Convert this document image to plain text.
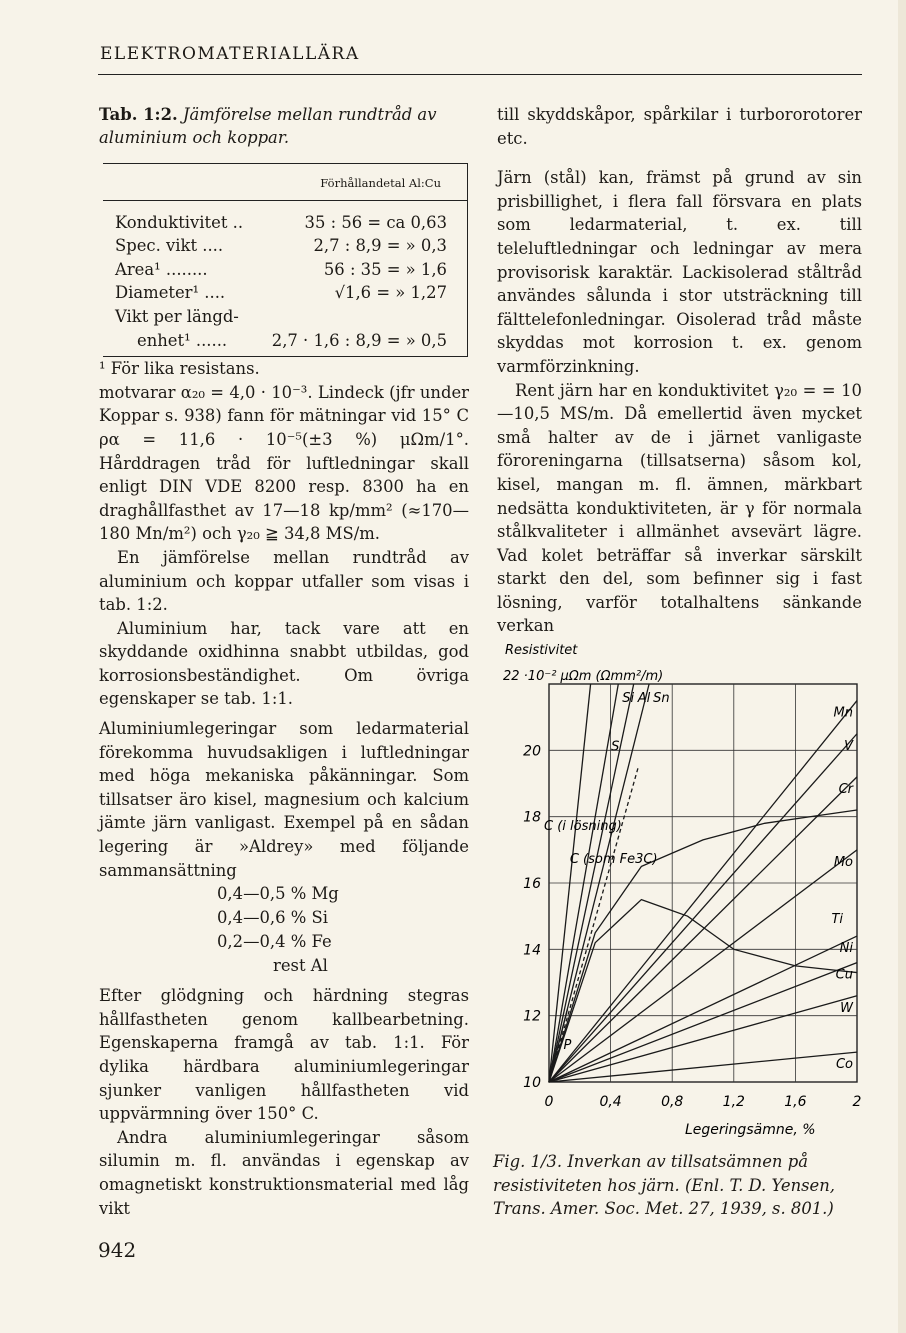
ELEKTROMATERIALLÄRA
Tab. 1:2. Jämförelse mellan rundtråd av aluminium och koppar.
Förhållandetal Al:Cu
Konduktivitet ..	35 : 56 = ca 0,63
Spec. vikt ....	2,7 : 8,9 = » 0,3
Area¹ ........	56 : 35 = » 1,6
Diameter¹ ....	√1,6 = » 1,27
Vikt per längd-	
enhet¹ ......	2,7 · 1,6 : 8,9 = » 0,5

¹ För lika resistans.

motvarar α₂₀ = 4,0 · 10⁻³. Lindeck (jfr under Koppar s. 938) fann för mätningar vid 15° C ρα = 11,6 · 10⁻⁵(±3 %) μΩm/1°. Hårddragen tråd för luftledningar skall enligt DIN VDE 8200 resp. 8300 ha en draghållfasthet av 17—18 kp/mm² (≈170—180 Mn/m²) och γ₂₀ ≧ 34,8 MS/m.

En jämförelse mellan rundtråd av aluminium och koppar utfaller som visas i tab. 1:2.

Aluminium har, tack vare att en skyddande oxidhinna snabbt utbildas, god korrosionsbeständighet. Om övriga egenskaper se tab. 1:1.

Aluminiumlegeringar som ledarmaterial förekomma huvudsakligen i luftledningar med höga mekaniska påkänningar. Som tillsatser äro kisel, magnesium och kalcium jämte järn vanligast. Exempel på en sådan legering är »Aldrey» med följande sammansättning

0,4—0,5 % Mg
0,4—0,6 % Si
0,2—0,4 % Fe
rest Al

Efter glödgning och härdning stegras hållfastheten genom kallbearbetning. Egenskaperna framgå av tab. 1:1. För dylika härdbara aluminiumlegeringar sjunker vanligen hållfastheten vid uppvärmning över 150° C.

Andra aluminiumlegeringar såsom silumin m. fl. användas i egenskap av omagnetiskt konstruktionsmaterial med låg vikt

till skyddskåpor, spårkilar i turbororotorer etc.

Järn (stål) kan, främst på grund av sin prisbillighet, i flera fall försvara en plats som ledarmaterial, t. ex. till teleluftledningar och ledningar av mera provisorisk karaktär. Lackisolerad ståltråd användes sålunda i stor utsträckning till fälttelefonledningar. Oisolerad tråd måste skyddas mot korrosion t. ex. genom varmförzinkning.

Rent järn har en konduktivitet γ₂₀ = = 10—10,5 MS/m. Då emellertid även mycket små halter av de i järnet vanligaste föroreningarna (tillsatserna) såsom kol, kisel, mangan m. fl. ämnen, märkbart nedsätta konduktiviteten, är γ för normala stålkvaliteter i allmänhet avsevärt lägre. Vad kolet beträffar så inverkar särskilt starkt den del, som befinner sig i fast lösning, varför totalhaltens sänkande verkan

Resistivitet
22 ·10⁻² μΩm (Ωmm²/m)
Si Al Sn
S
P
C (i lösning)
C (som Fe3C)
Mn
V
Cr
Mo
Ti
Ni
Cu
W
Co
10
12
14
16
18
20
0	0,4	0,8	1,2	1,6	2
Legeringsämne, %
Fig. 1/3. Inverkan av tillsatsämnen på resistiviteten hos järn. (Enl. T. D. Yensen, Trans. Amer. Soc. Met. 27, 1939, s. 801.)
942
